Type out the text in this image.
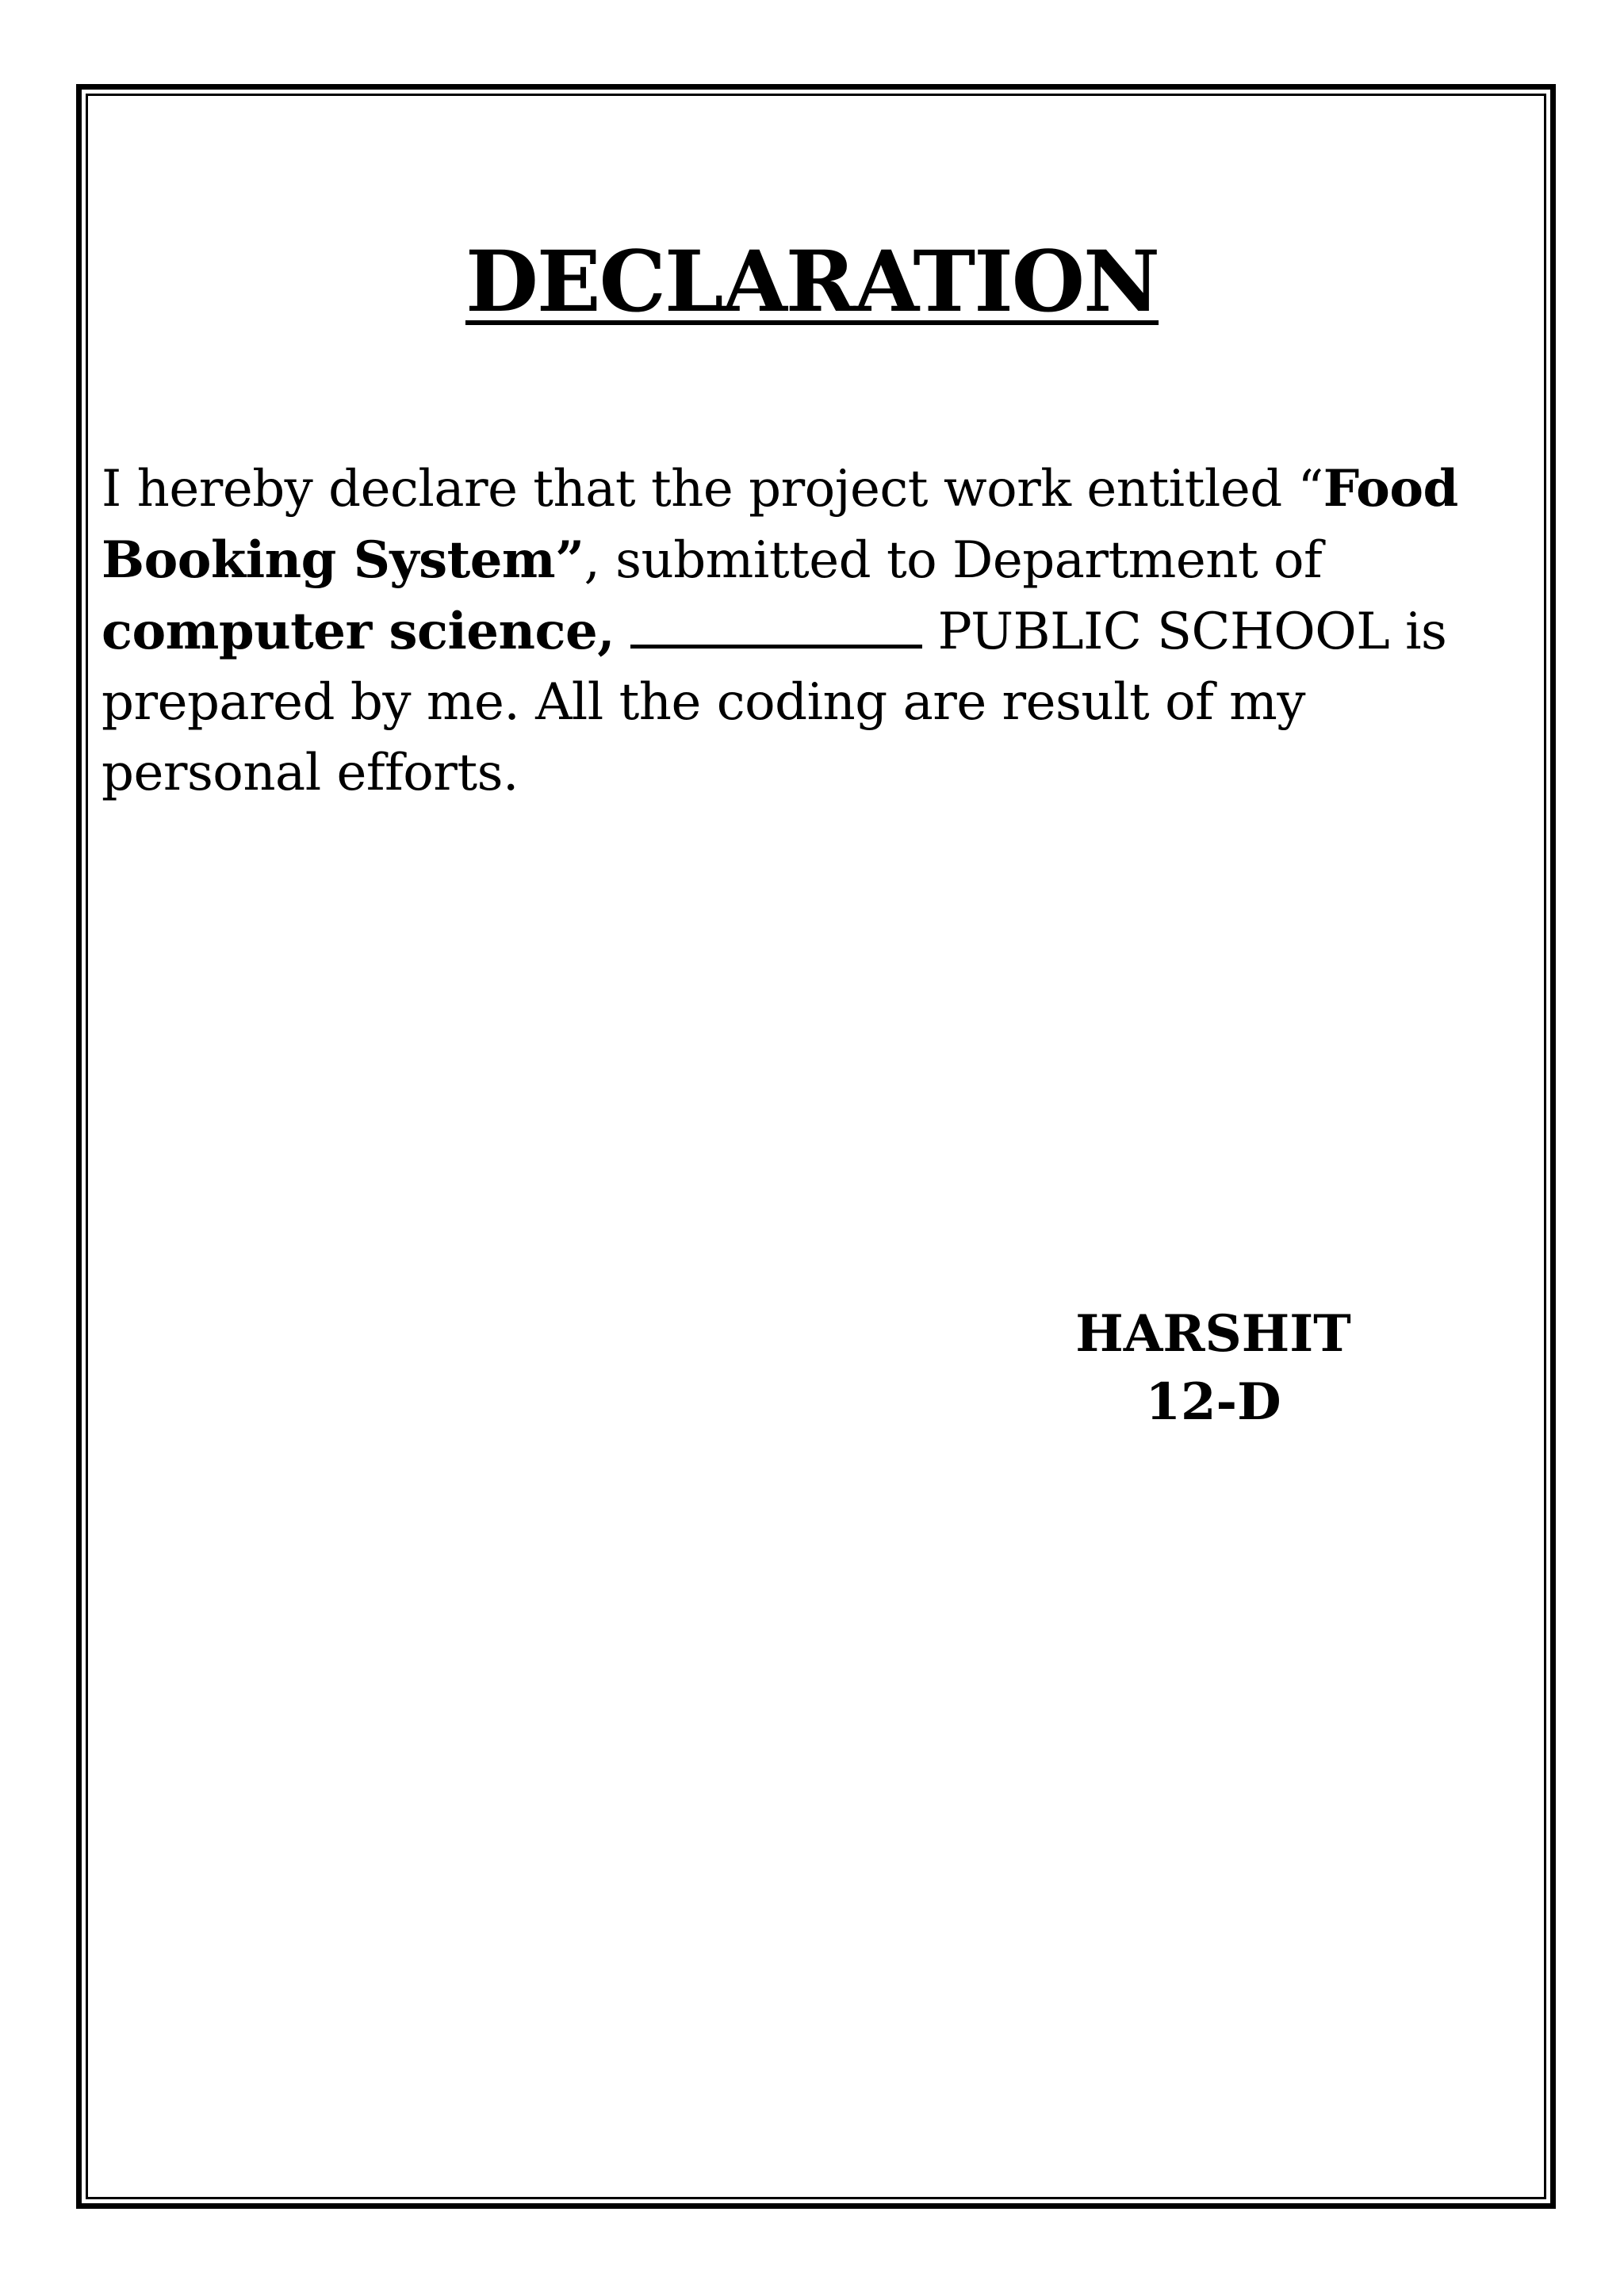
DECLARATION

I hereby declare that the project work entitled “Food Booking System”, submitted to Department of computer science,	PUBLIC SCHOOL is prepared by me. All the coding are result of my personal efforts.

HARSHIT
12-D
